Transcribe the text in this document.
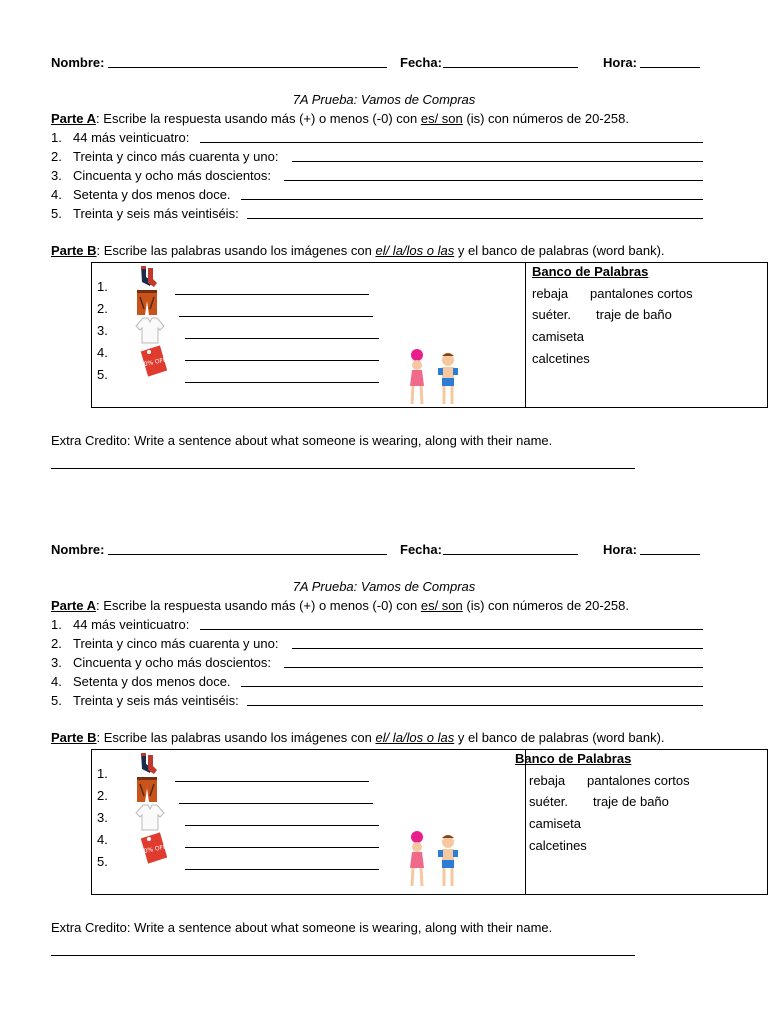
Nombre:	Fecha:	Hora:
7A Prueba: Vamos de Compras
Parte A: Escribe la respuesta usando más (+) o menos (-0) con es/ son (is) con números de 20-258.
1. 44 más veinticuatro:
2. Treinta y cinco más cuarenta y uno:
3. Cincuenta y ocho más doscientos:
4. Setenta y dos menos doce.
5. Treinta y seis más veintiséis:
Parte B: Escribe las palabras usando los imágenes con el/ la/los o las y el banco de palabras (word bank).
1.
2.
3.
4.
5.
20% OFF
Banco de Palabras
rebaja pantalones cortos
suéter. traje de baño
camiseta
calcetines
Extra Credito: Write a sentence about what someone is wearing, along with their name.
Nombre:	Fecha:	Hora:
7A Prueba: Vamos de Compras
Parte A: Escribe la respuesta usando más (+) o menos (-0) con es/ son (is) con números de 20-258.
1. 44 más veinticuatro:
2. Treinta y cinco más cuarenta y uno:
3. Cincuenta y ocho más doscientos:
4. Setenta y dos menos doce.
5. Treinta y seis más veintiséis:
Parte B: Escribe las palabras usando los imágenes con el/ la/los o las y el banco de palabras (word bank).
1.
2.
3.
4.
5.
20% OFF
Banco de Palabras
rebaja pantalones cortos
suéter. traje de baño
camiseta
calcetines
Extra Credito: Write a sentence about what someone is wearing, along with their name.
